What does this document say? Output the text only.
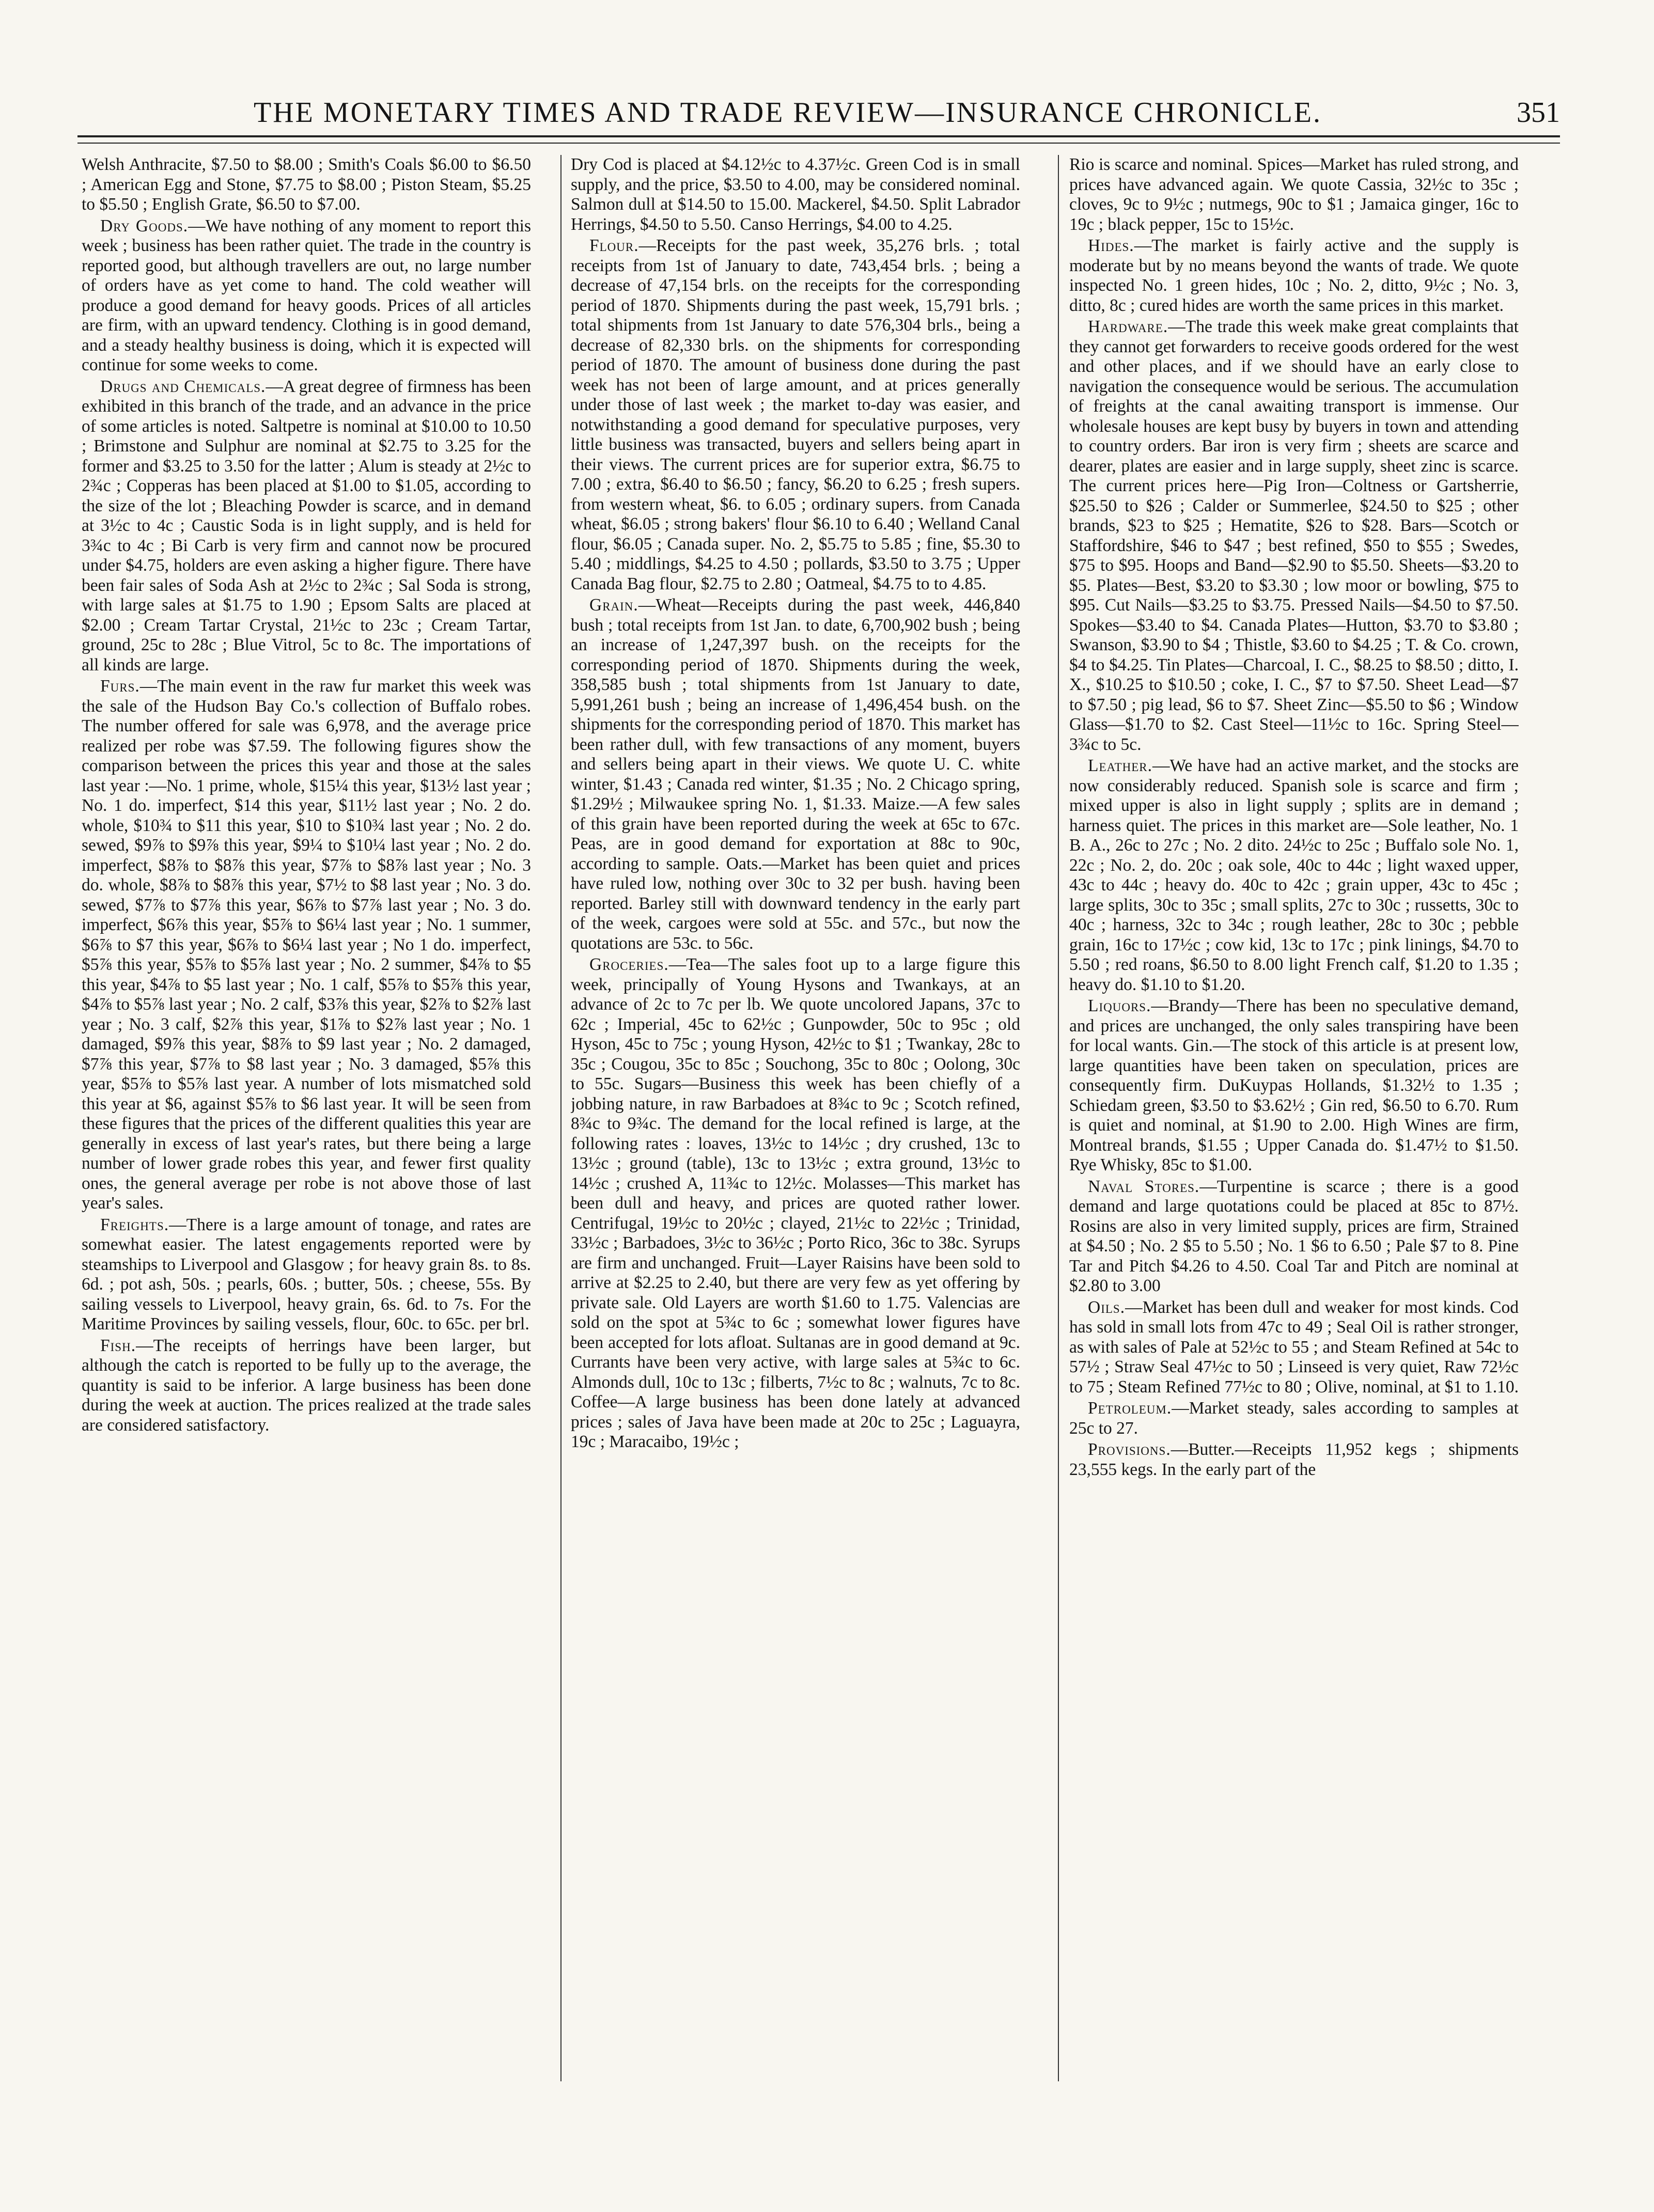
THE MONETARY TIMES AND TRADE REVIEW—INSURANCE CHRONICLE.	351

Welsh Anthracite, $7.50 to $8.00 ; Smith's Coals $6.00 to $6.50 ; American Egg and Stone, $7.75 to $8.00 ; Piston Steam, $5.25 to $5.50 ; English Grate, $6.50 to $7.00.

Dry Goods.—We have nothing of any moment to report this week ; business has been rather quiet. The trade in the country is reported good, but although travellers are out, no large number of orders have as yet come to hand. The cold weather will produce a good demand for heavy goods. Prices of all articles are firm, with an upward tendency. Clothing is in good demand, and a steady healthy business is doing, which it is expected will continue for some weeks to come.

Drugs and Chemicals.—A great degree of firmness has been exhibited in this branch of the trade, and an advance in the price of some articles is noted. Saltpetre is nominal at $10.00 to 10.50 ; Brimstone and Sulphur are nominal at $2.75 to 3.25 for the former and $3.25 to 3.50 for the latter ; Alum is steady at 2½c to 2¾c ; Copperas has been placed at $1.00 to $1.05, according to the size of the lot ; Bleaching Powder is scarce, and in demand at 3½c to 4c ; Caustic Soda is in light supply, and is held for 3¾c to 4c ; Bi Carb is very firm and cannot now be procured under $4.75, holders are even asking a higher figure. There have been fair sales of Soda Ash at 2½c to 2¾c ; Sal Soda is strong, with large sales at $1.75 to 1.90 ; Epsom Salts are placed at $2.00 ; Cream Tartar Crystal, 21½c to 23c ; Cream Tartar, ground, 25c to 28c ; Blue Vitrol, 5c to 8c. The importations of all kinds are large.

Furs.—The main event in the raw fur market this week was the sale of the Hudson Bay Co.'s collection of Buffalo robes. The number offered for sale was 6,978, and the average price realized per robe was $7.59. The following figures show the comparison between the prices this year and those at the sales last year :—No. 1 prime, whole, $15¼ this year, $13½ last year ; No. 1 do. imperfect, $14 this year, $11½ last year ; No. 2 do. whole, $10¾ to $11 this year, $10 to $10¾ last year ; No. 2 do. sewed, $9⅞ to $9⅞ this year, $9¼ to $10¼ last year ; No. 2 do. imperfect, $8⅞ to $8⅞ this year, $7⅞ to $8⅞ last year ; No. 3 do. whole, $8⅞ to $8⅞ this year, $7½ to $8 last year ; No. 3 do. sewed, $7⅞ to $7⅞ this year, $6⅞ to $7⅞ last year ; No. 3 do. imperfect, $6⅞ this year, $5⅞ to $6¼ last year ; No. 1 summer, $6⅞ to $7 this year, $6⅞ to $6¼ last year ; No 1 do. imperfect, $5⅞ this year, $5⅞ to $5⅞ last year ; No. 2 summer, $4⅞ to $5 this year, $4⅞ to $5 last year ; No. 1 calf, $5⅞ to $5⅞ this year, $4⅞ to $5⅞ last year ; No. 2 calf, $3⅞ this year, $2⅞ to $2⅞ last year ; No. 3 calf, $2⅞ this year, $1⅞ to $2⅞ last year ; No. 1 damaged, $9⅞ this year, $8⅞ to $9 last year ; No. 2 damaged, $7⅞ this year, $7⅞ to $8 last year ; No. 3 damaged, $5⅞ this year, $5⅞ to $5⅞ last year. A number of lots mismatched sold this year at $6, against $5⅞ to $6 last year. It will be seen from these figures that the prices of the different qualities this year are generally in excess of last year's rates, but there being a large number of lower grade robes this year, and fewer first quality ones, the general average per robe is not above those of last year's sales.

Freights.—There is a large amount of tonage, and rates are somewhat easier. The latest engagements reported were by steamships to Liverpool and Glasgow ; for heavy grain 8s. to 8s. 6d. ; pot ash, 50s. ; pearls, 60s. ; butter, 50s. ; cheese, 55s. By sailing vessels to Liverpool, heavy grain, 6s. 6d. to 7s. For the Maritime Provinces by sailing vessels, flour, 60c. to 65c. per brl.

Fish.—The receipts of herrings have been larger, but although the catch is reported to be fully up to the average, the quantity is said to be inferior. A large business has been done during the week at auction. The prices realized at the trade sales are considered satisfactory.

Dry Cod is placed at $4.12½c to 4.37½c. Green Cod is in small supply, and the price, $3.50 to 4.00, may be considered nominal. Salmon dull at $14.50 to 15.00. Mackerel, $4.50. Split Labrador Herrings, $4.50 to 5.50. Canso Herrings, $4.00 to 4.25.

Flour.—Receipts for the past week, 35,276 brls. ; total receipts from 1st of January to date, 743,454 brls. ; being a decrease of 47,154 brls. on the receipts for the corresponding period of 1870. Shipments during the past week, 15,791 brls. ; total shipments from 1st January to date 576,304 brls., being a decrease of 82,330 brls. on the shipments for corresponding period of 1870. The amount of business done during the past week has not been of large amount, and at prices generally under those of last week ; the market to-day was easier, and notwithstanding a good demand for speculative purposes, very little business was transacted, buyers and sellers being apart in their views. The current prices are for superior extra, $6.75 to 7.00 ; extra, $6.40 to $6.50 ; fancy, $6.20 to 6.25 ; fresh supers. from western wheat, $6. to 6.05 ; ordinary supers. from Canada wheat, $6.05 ; strong bakers' flour $6.10 to 6.40 ; Welland Canal flour, $6.05 ; Canada super. No. 2, $5.75 to 5.85 ; fine, $5.30 to 5.40 ; middlings, $4.25 to 4.50 ; pollards, $3.50 to 3.75 ; Upper Canada Bag flour, $2.75 to 2.80 ; Oatmeal, $4.75 to to 4.85.

Grain.—Wheat—Receipts during the past week, 446,840 bush ; total receipts from 1st Jan. to date, 6,700,902 bush ; being an increase of 1,247,397 bush. on the receipts for the corresponding period of 1870. Shipments during the week, 358,585 bush ; total shipments from 1st January to date, 5,991,261 bush ; being an increase of 1,496,454 bush. on the shipments for the corresponding period of 1870. This market has been rather dull, with few transactions of any moment, buyers and sellers being apart in their views. We quote U. C. white winter, $1.43 ; Canada red winter, $1.35 ; No. 2 Chicago spring, $1.29½ ; Milwaukee spring No. 1, $1.33. Maize.—A few sales of this grain have been reported during the week at 65c to 67c. Peas, are in good demand for exportation at 88c to 90c, according to sample. Oats.—Market has been quiet and prices have ruled low, nothing over 30c to 32 per bush. having been reported. Barley still with downward tendency in the early part of the week, cargoes were sold at 55c. and 57c., but now the quotations are 53c. to 56c.

Groceries.—Tea—The sales foot up to a large figure this week, principally of Young Hysons and Twankays, at an advance of 2c to 7c per lb. We quote uncolored Japans, 37c to 62c ; Imperial, 45c to 62½c ; Gunpowder, 50c to 95c ; old Hyson, 45c to 75c ; young Hyson, 42½c to $1 ; Twankay, 28c to 35c ; Cougou, 35c to 85c ; Souchong, 35c to 80c ; Oolong, 30c to 55c. Sugars—Business this week has been chiefly of a jobbing nature, in raw Barbadoes at 8¾c to 9c ; Scotch refined, 8¾c to 9¾c. The demand for the local refined is large, at the following rates : loaves, 13½c to 14½c ; dry crushed, 13c to 13½c ; ground (table), 13c to 13½c ; extra ground, 13½c to 14½c ; crushed A, 11¾c to 12½c. Molasses—This market has been dull and heavy, and prices are quoted rather lower. Centrifugal, 19½c to 20½c ; clayed, 21½c to 22½c ; Trinidad, 33½c ; Barbadoes, 3½c to 36½c ; Porto Rico, 36c to 38c. Syrups are firm and unchanged. Fruit—Layer Raisins have been sold to arrive at $2.25 to 2.40, but there are very few as yet offering by private sale. Old Layers are worth $1.60 to 1.75. Valencias are sold on the spot at 5¾c to 6c ; somewhat lower figures have been accepted for lots afloat. Sultanas are in good demand at 9c. Currants have been very active, with large sales at 5¾c to 6c. Almonds dull, 10c to 13c ; filberts, 7½c to 8c ; walnuts, 7c to 8c. Coffee—A large business has been done lately at advanced prices ; sales of Java have been made at 20c to 25c ; Laguayra, 19c ; Maracaibo, 19½c ;

Rio is scarce and nominal. Spices—Market has ruled strong, and prices have advanced again. We quote Cassia, 32½c to 35c ; cloves, 9c to 9½c ; nutmegs, 90c to $1 ; Jamaica ginger, 16c to 19c ; black pepper, 15c to 15½c.

Hides.—The market is fairly active and the supply is moderate but by no means beyond the wants of trade. We quote inspected No. 1 green hides, 10c ; No. 2, ditto, 9½c ; No. 3, ditto, 8c ; cured hides are worth the same prices in this market.

Hardware.—The trade this week make great complaints that they cannot get forwarders to receive goods ordered for the west and other places, and if we should have an early close to navigation the consequence would be serious. The accumulation of freights at the canal awaiting transport is immense. Our wholesale houses are kept busy by buyers in town and attending to country orders. Bar iron is very firm ; sheets are scarce and dearer, plates are easier and in large supply, sheet zinc is scarce. The current prices here—Pig Iron—Coltness or Gartsherrie, $25.50 to $26 ; Calder or Summerlee, $24.50 to $25 ; other brands, $23 to $25 ; Hematite, $26 to $28. Bars—Scotch or Staffordshire, $46 to $47 ; best refined, $50 to $55 ; Swedes, $75 to $95. Hoops and Band—$2.90 to $5.50. Sheets—$3.20 to $5. Plates—Best, $3.20 to $3.30 ; low moor or bowling, $75 to $95. Cut Nails—$3.25 to $3.75. Pressed Nails—$4.50 to $7.50. Spokes—$3.40 to $4. Canada Plates—Hutton, $3.70 to $3.80 ; Swanson, $3.90 to $4 ; Thistle, $3.60 to $4.25 ; T. & Co. crown, $4 to $4.25. Tin Plates—Charcoal, I. C., $8.25 to $8.50 ; ditto, I. X., $10.25 to $10.50 ; coke, I. C., $7 to $7.50. Sheet Lead—$7 to $7.50 ; pig lead, $6 to $7. Sheet Zinc—$5.50 to $6 ; Window Glass—$1.70 to $2. Cast Steel—11½c to 16c. Spring Steel—3¾c to 5c.

Leather.—We have had an active market, and the stocks are now considerably reduced. Spanish sole is scarce and firm ; mixed upper is also in light supply ; splits are in demand ; harness quiet. The prices in this market are—Sole leather, No. 1 B. A., 26c to 27c ; No. 2 dito. 24½c to 25c ; Buffalo sole No. 1, 22c ; No. 2, do. 20c ; oak sole, 40c to 44c ; light waxed upper, 43c to 44c ; heavy do. 40c to 42c ; grain upper, 43c to 45c ; large splits, 30c to 35c ; small splits, 27c to 30c ; russetts, 30c to 40c ; harness, 32c to 34c ; rough leather, 28c to 30c ; pebble grain, 16c to 17½c ; cow kid, 13c to 17c ; pink linings, $4.70 to 5.50 ; red roans, $6.50 to 8.00 light French calf, $1.20 to 1.35 ; heavy do. $1.10 to $1.20.

Liquors.—Brandy—There has been no speculative demand, and prices are unchanged, the only sales transpiring have been for local wants. Gin.—The stock of this article is at present low, large quantities have been taken on speculation, prices are consequently firm. DuKuypas Hollands, $1.32½ to 1.35 ; Schiedam green, $3.50 to $3.62½ ; Gin red, $6.50 to 6.70. Rum is quiet and nominal, at $1.90 to 2.00. High Wines are firm, Montreal brands, $1.55 ; Upper Canada do. $1.47½ to $1.50. Rye Whisky, 85c to $1.00.

Naval Stores.—Turpentine is scarce ; there is a good demand and large quotations could be placed at 85c to 87½. Rosins are also in very limited supply, prices are firm, Strained at $4.50 ; No. 2 $5 to 5.50 ; No. 1 $6 to 6.50 ; Pale $7 to 8. Pine Tar and Pitch $4.26 to 4.50. Coal Tar and Pitch are nominal at $2.80 to 3.00

Oils.—Market has been dull and weaker for most kinds. Cod has sold in small lots from 47c to 49 ; Seal Oil is rather stronger, as with sales of Pale at 52½c to 55 ; and Steam Refined at 54c to 57½ ; Straw Seal 47½c to 50 ; Linseed is very quiet, Raw 72½c to 75 ; Steam Refined 77½c to 80 ; Olive, nominal, at $1 to 1.10.

Petroleum.—Market steady, sales according to samples at 25c to 27.

Provisions.—Butter.—Receipts 11,952 kegs ; shipments 23,555 kegs. In the early part of the
